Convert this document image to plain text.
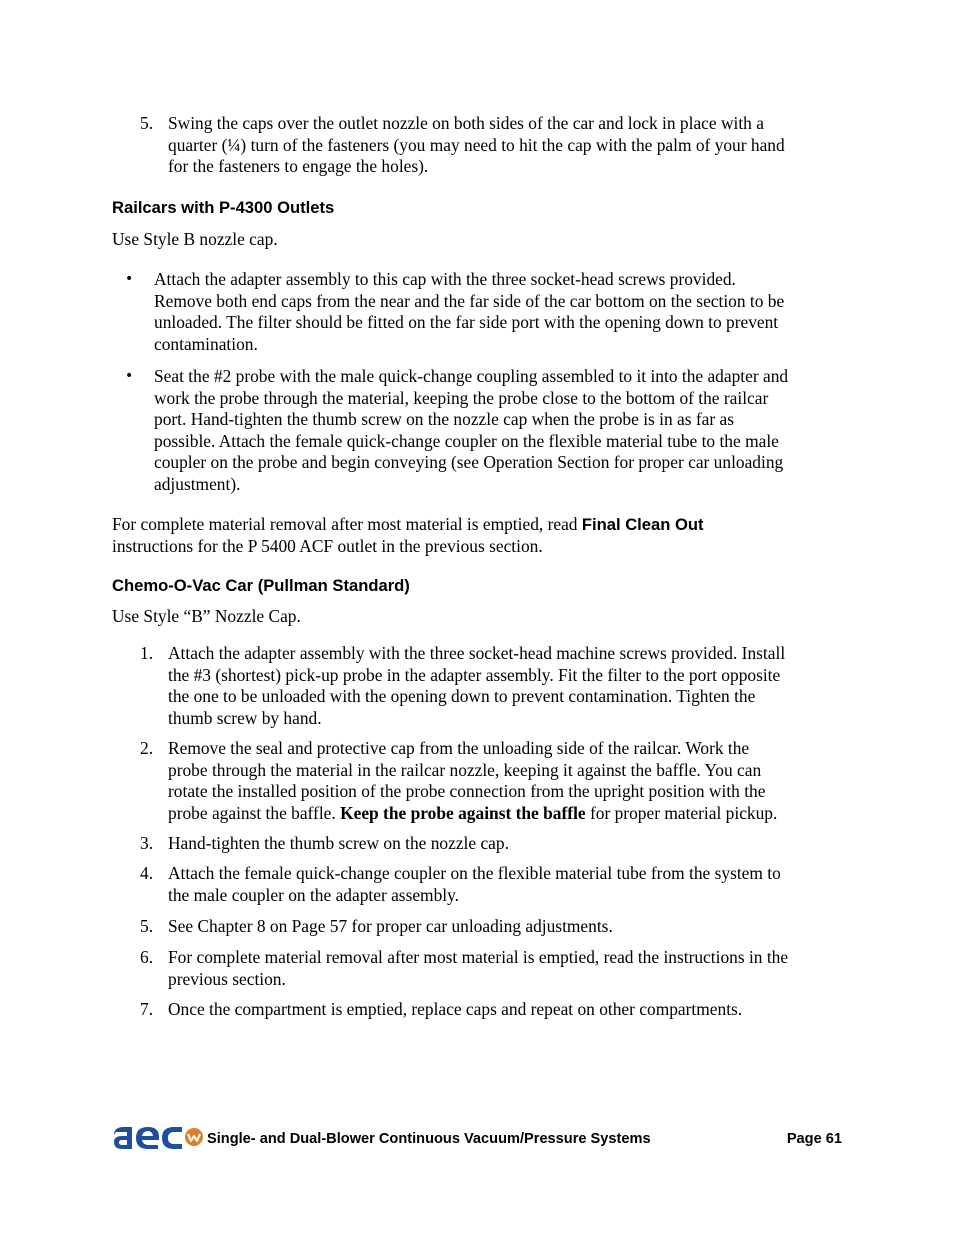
5. Swing the caps over the outlet nozzle on both sides of the car and lock in place with a
quarter (¼) turn of the fasteners (you may need to hit the cap with the palm of your hand
for the fasteners to engage the holes).
Railcars with P-4300 Outlets
Use Style B nozzle cap.
• Attach the adapter assembly to this cap with the three socket-head screws provided.
Remove both end caps from the near and the far side of the car bottom on the section to be
unloaded. The filter should be fitted on the far side port with the opening down to prevent
contamination.
• Seat the #2 probe with the male quick-change coupling assembled to it into the adapter and
work the probe through the material, keeping the probe close to the bottom of the railcar
port. Hand-tighten the thumb screw on the nozzle cap when the probe is in as far as
possible. Attach the female quick-change coupler on the flexible material tube to the male
coupler on the probe and begin conveying (see Operation Section for proper car unloading
adjustment).
For complete material removal after most material is emptied, read Final Clean Out
instructions for the P 5400 ACF outlet in the previous section.
Chemo-O-Vac Car (Pullman Standard)
Use Style “B” Nozzle Cap.
1. Attach the adapter assembly with the three socket-head machine screws provided. Install
the #3 (shortest) pick-up probe in the adapter assembly. Fit the filter to the port opposite
the one to be unloaded with the opening down to prevent contamination. Tighten the
thumb screw by hand.
2. Remove the seal and protective cap from the unloading side of the railcar. Work the
probe through the material in the railcar nozzle, keeping it against the baffle. You can
rotate the installed position of the probe connection from the upright position with the
probe against the baffle. Keep the probe against the baffle for proper material pickup.
3. Hand-tighten the thumb screw on the nozzle cap.
4. Attach the female quick-change coupler on the flexible material tube from the system to
the male coupler on the adapter assembly.
5. See Chapter 8 on Page 57 for proper car unloading adjustments.
6. For complete material removal after most material is emptied, read the instructions in the
previous section.
7. Once the compartment is emptied, replace caps and repeat on other compartments.
Single- and Dual-Blower Continuous Vacuum/Pressure Systems	Page 61
